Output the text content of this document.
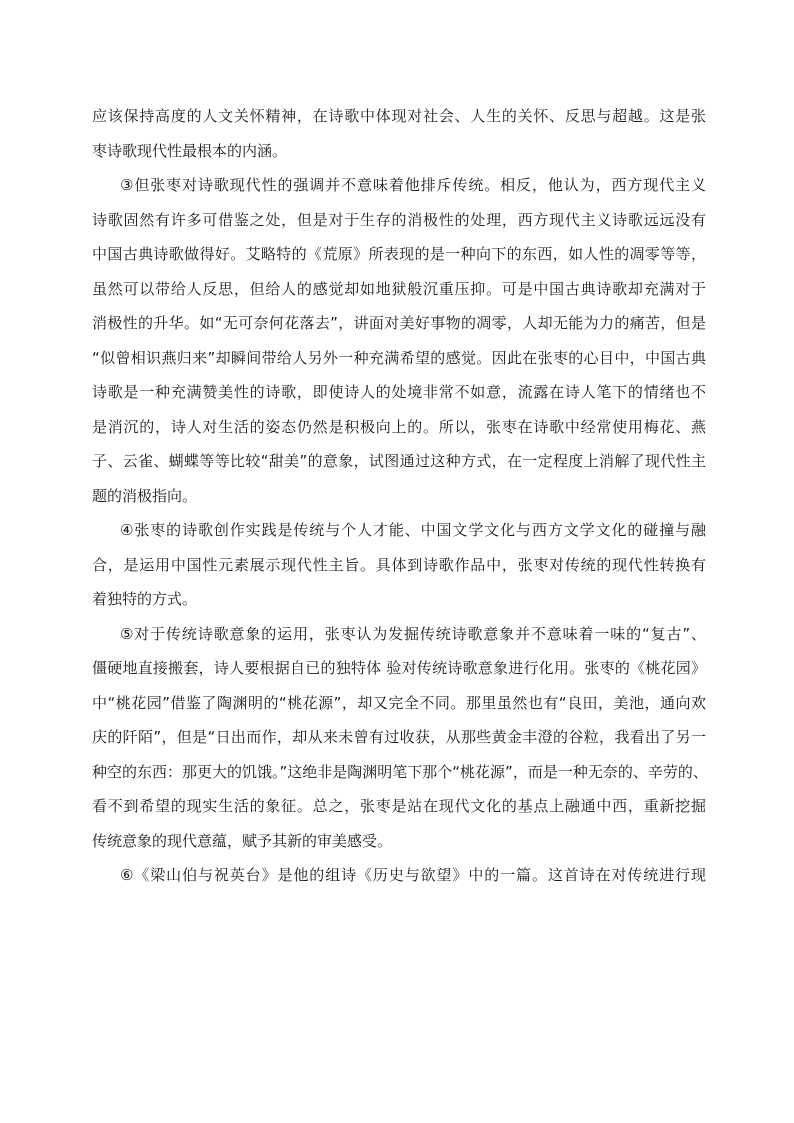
应该保持高度的人文关怀精神，在诗歌中体现对社会、人生的关怀、反思与超越。这是张
枣诗歌现代性最根本的内涵。
③但张枣对诗歌现代性的强调并不意味着他排斥传统。相反，他认为，西方现代主义
诗歌固然有许多可借鉴之处，但是对于生存的消极性的处理，西方现代主义诗歌远远没有
中国古典诗歌做得好。艾略特的《荒原》所表现的是一种向下的东西，如人性的凋零等等，
虽然可以带给人反思，但给人的感觉却如地狱般沉重压抑。可是中国古典诗歌却充满对于
消极性的升华。如“无可奈何花落去”，讲面对美好事物的凋零，人却无能为力的痛苦，但是
“似曾相识燕归来”却瞬间带给人另外一种充满希望的感觉。因此在张枣的心目中，中国古典
诗歌是一种充满赞美性的诗歌，即使诗人的处境非常不如意，流露在诗人笔下的情绪也不
是消沉的，诗人对生活的姿态仍然是积极向上的。所以，张枣在诗歌中经常使用梅花、燕
子、云雀、蝴蝶等等比较“甜美”的意象，试图通过这种方式，在一定程度上消解了现代性主
题的消极指向。
④张枣的诗歌创作实践是传统与个人才能、中国文学文化与西方文学文化的碰撞与融
合，是运用中国性元素展示现代性主旨。具体到诗歌作品中，张枣对传统的现代性转换有
着独特的方式。
⑤对于传统诗歌意象的运用，张枣认为发掘传统诗歌意象并不意味着一味的“复古”、
僵硬地直接搬套，诗人要根据自已的独特体 验对传统诗歌意象进行化用。张枣的《桃花园》
中“桃花园”借鉴了陶渊明的“桃花源”，却又完全不同。那里虽然也有“良田，美池，通向欢
庆的阡陌”，但是“日出而作，却从来未曾有过收获，从那些黄金丰澄的谷粒，我看出了另一
种空的东西：那更大的饥饿。”这绝非是陶渊明笔下那个“桃花源”，而是一种无奈的、辛劳的、
看不到希望的现实生活的象征。总之，张枣是站在现代文化的基点上融通中西，重新挖掘
传统意象的现代意蕴，赋予其新的审美感受。
⑥《梁山伯与祝英台》是他的组诗《历史与欲望》中的一篇。这首诗在对传统进行现
